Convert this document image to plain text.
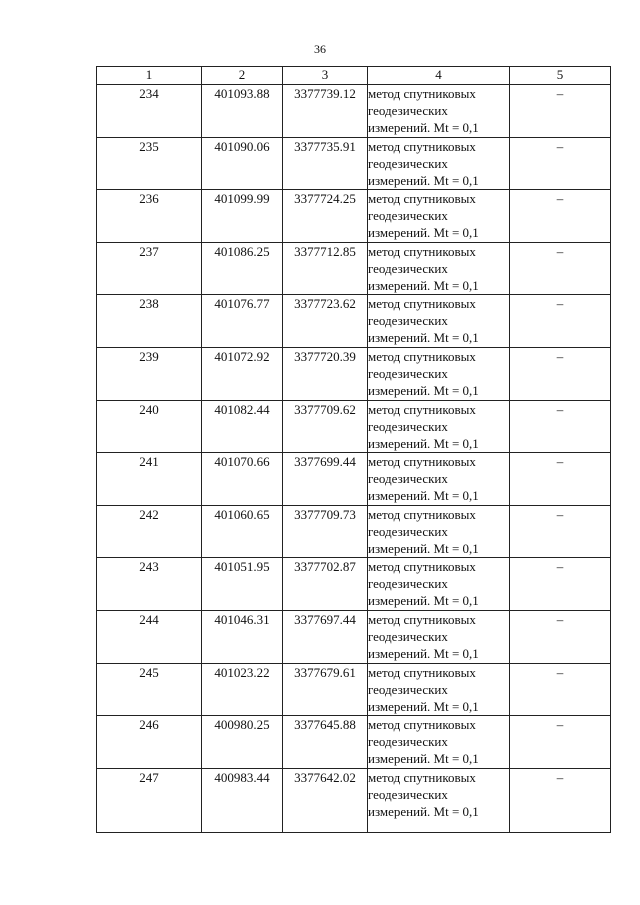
36
1	2	3	4	5
234	401093.88	3377739.12	метод спутниковых
геодезических
измерений. Mt = 0,1	–
235	401090.06	3377735.91	метод спутниковых
геодезических
измерений. Mt = 0,1	–
236	401099.99	3377724.25	метод спутниковых
геодезических
измерений. Mt = 0,1	–
237	401086.25	3377712.85	метод спутниковых
геодезических
измерений. Mt = 0,1	–
238	401076.77	3377723.62	метод спутниковых
геодезических
измерений. Mt = 0,1	–
239	401072.92	3377720.39	метод спутниковых
геодезических
измерений. Mt = 0,1	–
240	401082.44	3377709.62	метод спутниковых
геодезических
измерений. Mt = 0,1	–
241	401070.66	3377699.44	метод спутниковых
геодезических
измерений. Mt = 0,1	–
242	401060.65	3377709.73	метод спутниковых
геодезических
измерений. Mt = 0,1	–
243	401051.95	3377702.87	метод спутниковых
геодезических
измерений. Mt = 0,1	–
244	401046.31	3377697.44	метод спутниковых
геодезических
измерений. Mt = 0,1	–
245	401023.22	3377679.61	метод спутниковых
геодезических
измерений. Mt = 0,1	–
246	400980.25	3377645.88	метод спутниковых
геодезических
измерений. Mt = 0,1	–
247	400983.44	3377642.02	метод спутниковых
геодезических
измерений. Mt = 0,1	–
